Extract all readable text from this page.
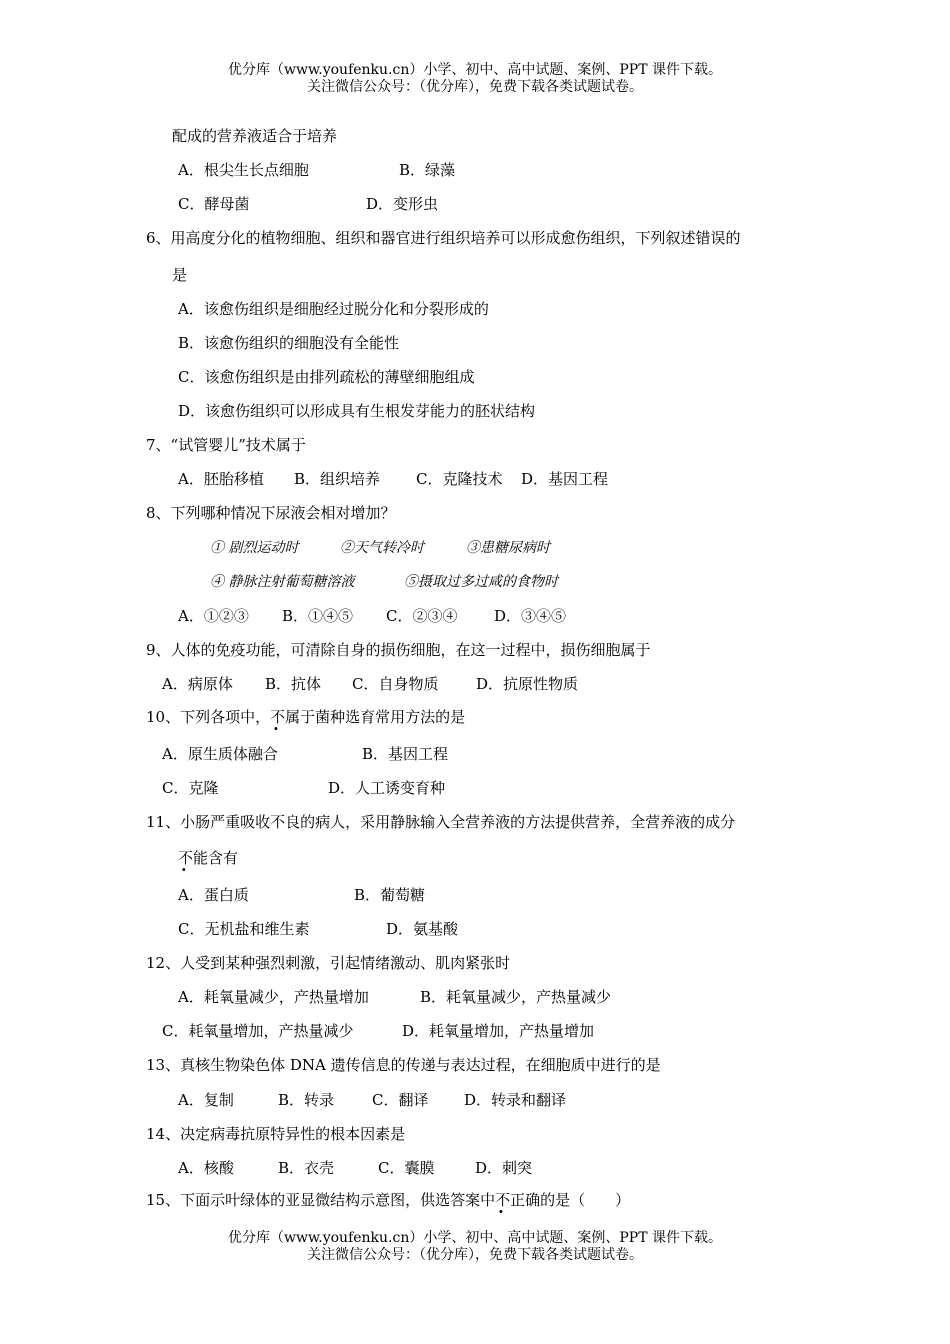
优分库（www.youfenku.cn）小学、初中、高中试题、案例、PPT 课件下载。
关注微信公众号：（优分库），免费下载各类试题试卷。
配成的营养液适合于培养
A．根尖生长点细胞	B．绿藻
C．酵母菌	D．变形虫
6、用高度分化的植物细胞、组织和器官进行组织培养可以形成愈伤组织，下列叙述错误的
是
A．该愈伤组织是细胞经过脱分化和分裂形成的
B．该愈伤组织的细胞没有全能性
C．该愈伤组织是由排列疏松的薄壁细胞组成
D．该愈伤组织可以形成具有生根发芽能力的胚状结构
7、“试管婴儿”技术属于
A．胚胎移植 B．组织培养 C．克隆技术 D．基因工程
8、下列哪种情况下尿液会相对增加？
① 剧烈运动时	②天气转冷时	③患糖尿病时
④ 静脉注射葡萄糖溶液	⑤摄取过多过咸的食物时
A．①②③ B．①④⑤ C．②③④ D．③④⑤
9、人体的免疫功能，可清除自身的损伤细胞，在这一过程中，损伤细胞属于
A．病原体 B．抗体 C．自身物质	D．抗原性物质
10、下列各项中，不属于菌种选育常用方法的是
A．原生质体融合	B．基因工程
C．克隆	D．人工诱变育种
11、小肠严重吸收不良的病人，采用静脉输入全营养液的方法提供营养，全营养液的成分
不能含有
A．蛋白质	B．葡萄糖
C．无机盐和维生素	D．氨基酸
12、人受到某种强烈刺激，引起情绪激动、肌肉紧张时
A．耗氧量减少，产热量增加	B．耗氧量减少，产热量减少
C．耗氧量增加，产热量减少	D．耗氧量增加，产热量增加
13、真核生物染色体 DNA 遗传信息的传递与表达过程，在细胞质中进行的是
A．复制	B．转录	C．翻译 D．转录和翻译
14、决定病毒抗原特异性的根本因素是
A．核酸	B．衣壳	C．囊膜	D．刺突
15、下面示叶绿体的亚显微结构示意图，供选答案中不正确的是（　　）
优分库（www.youfenku.cn）小学、初中、高中试题、案例、PPT 课件下载。
关注微信公众号：（优分库），免费下载各类试题试卷。
